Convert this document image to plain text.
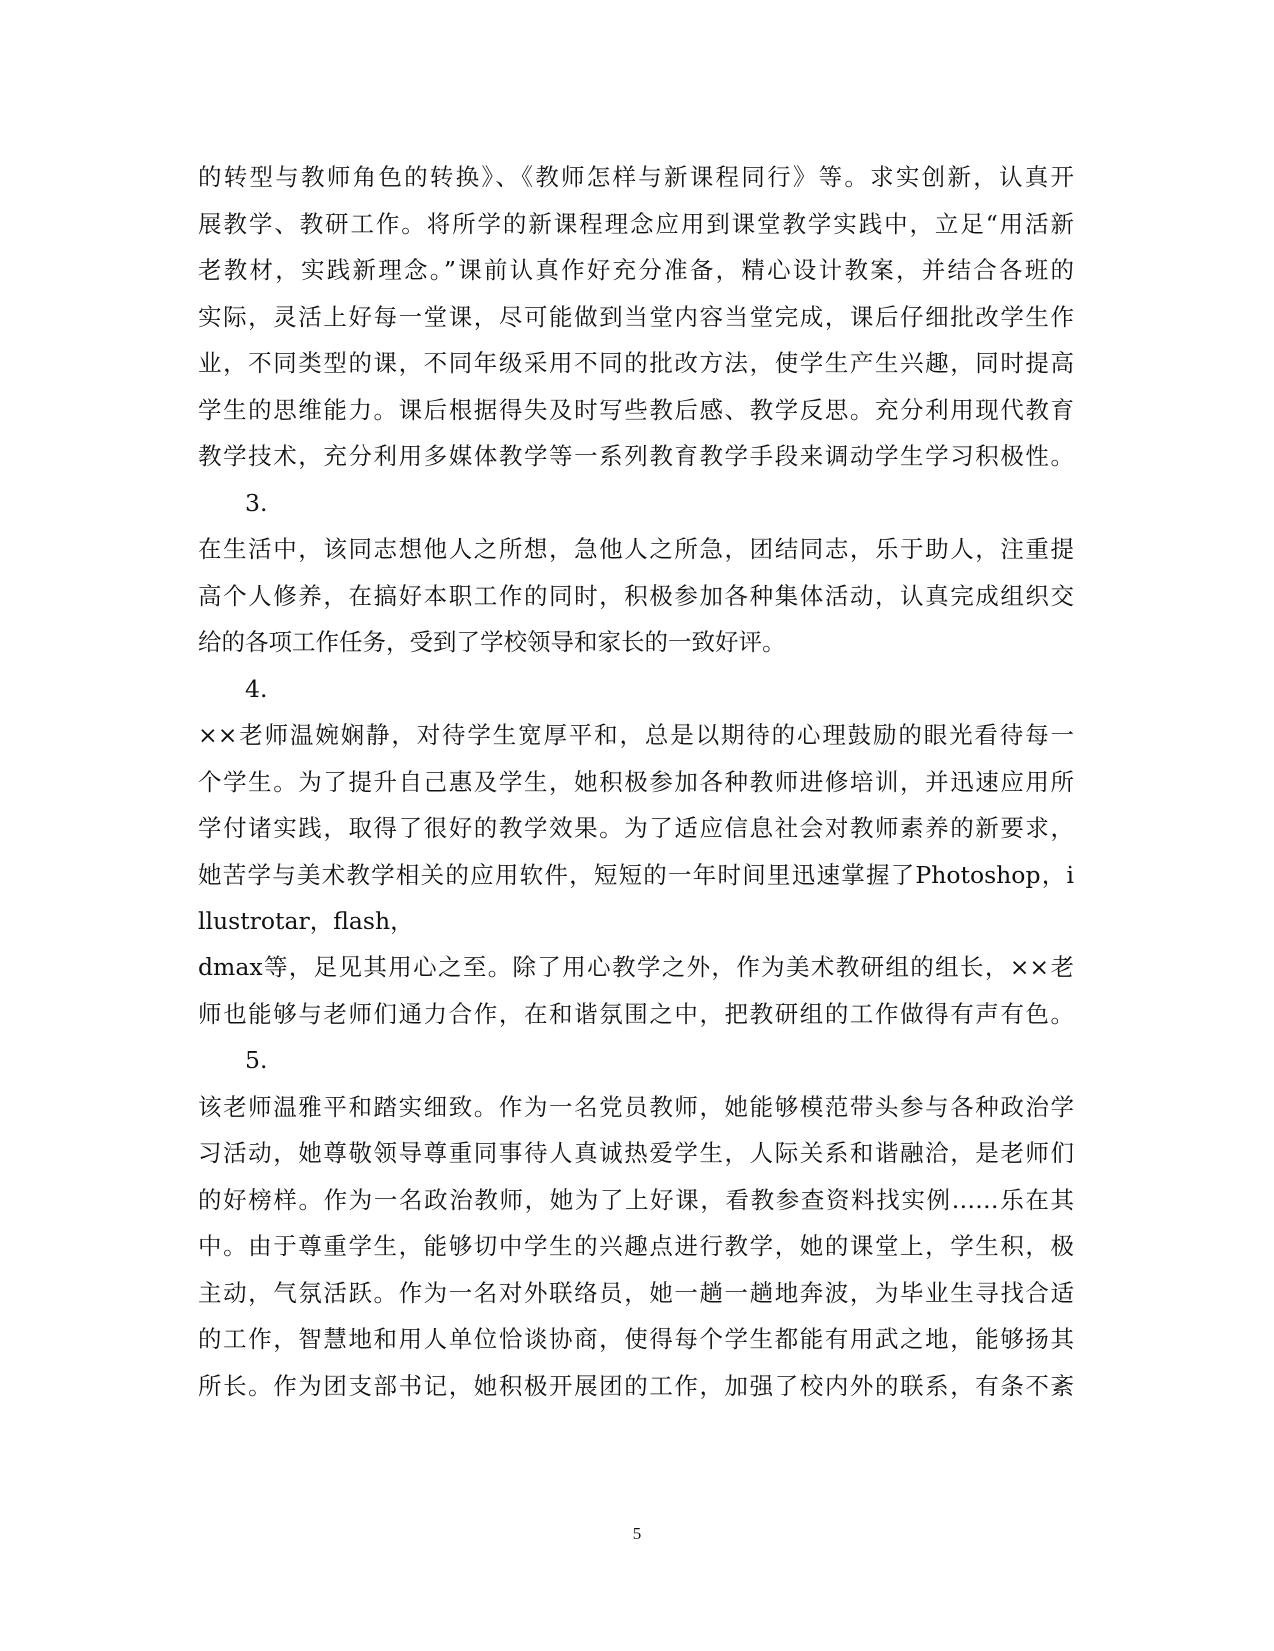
的转型与教师角色的转换》、《教师怎样与新课程同行》等。求实创新，认真开
展教学、教研工作。将所学的新课程理念应用到课堂教学实践中，立足“用活新
老教材，实践新理念。”课前认真作好充分准备，精心设计教案，并结合各班的
实际，灵活上好每一堂课，尽可能做到当堂内容当堂完成，课后仔细批改学生作
业，不同类型的课，不同年级采用不同的批改方法，使学生产生兴趣，同时提高
学生的思维能力。课后根据得失及时写些教后感、教学反思。充分利用现代教育
教学技术，充分利用多媒体教学等一系列教育教学手段来调动学生学习积极性。
3.
在生活中，该同志想他人之所想，急他人之所急，团结同志，乐于助人，注重提
高个人修养，在搞好本职工作的同时，积极参加各种集体活动，认真完成组织交
给的各项工作任务，受到了学校领导和家长的一致好评。
4.
××老师温婉娴静，对待学生宽厚平和，总是以期待的心理鼓励的眼光看待每一
个学生。为了提升自己惠及学生，她积极参加各种教师进修培训，并迅速应用所
学付诸实践，取得了很好的教学效果。为了适应信息社会对教师素养的新要求，
她苦学与美术教学相关的应用软件，短短的一年时间里迅速掌握了Photoshop，i
llustrotar，flash，
dmax等，足见其用心之至。除了用心教学之外，作为美术教研组的组长，××老
师也能够与老师们通力合作，在和谐氛围之中，把教研组的工作做得有声有色。
5.
该老师温雅平和踏实细致。作为一名党员教师，她能够模范带头参与各种政治学
习活动，她尊敬领导尊重同事待人真诚热爱学生，人际关系和谐融洽，是老师们
的好榜样。作为一名政治教师，她为了上好课，看教参查资料找实例……乐在其
中。由于尊重学生，能够切中学生的兴趣点进行教学，她的课堂上，学生积，极
主动，气氛活跃。作为一名对外联络员，她一趟一趟地奔波，为毕业生寻找合适
的工作，智慧地和用人单位恰谈协商，使得每个学生都能有用武之地，能够扬其
所长。作为团支部书记，她积极开展团的工作，加强了校内外的联系，有条不紊
5
